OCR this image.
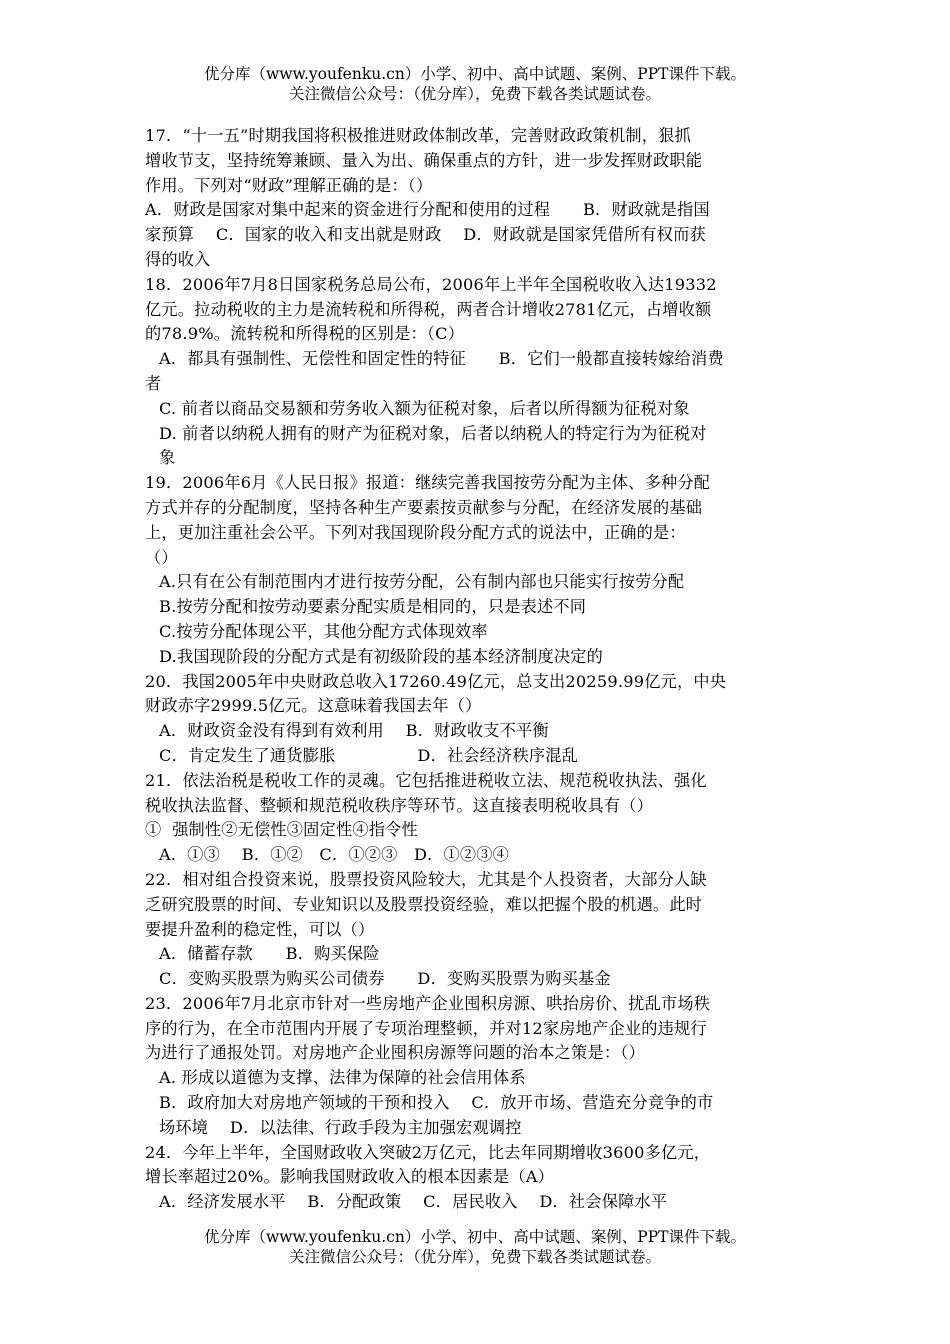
优分库（www.youfenku.cn）小学、初中、高中试题、案例、PPT课件下载。
关注微信公众号：（优分库），免费下载各类试题试卷。
17．“十一五”时期我国将积极推进财政体制改革，完善财政政策机制，狠抓
增收节支，坚持统筹兼顾、量入为出、确保重点的方针，进一步发挥财政职能
作用。下列对“财政”理解正确的是：（）
A．财政是国家对集中起来的资金进行分配和使用的过程　　B．财政就是指国
家预算　 C．国家的收入和支出就是财政　 D．财政就是国家凭借所有权而获
得的收入
18．2006年7月8日国家税务总局公布，2006年上半年全国税收收入达19332
亿元。拉动税收的主力是流转税和所得税，两者合计增收2781亿元，占增收额
的78.9%。流转税和所得税的区别是：（C）
A．都具有强制性、无偿性和固定性的特征　　B．它们一般都直接转嫁给消费
者
C. 前者以商品交易额和劳务收入额为征税对象，后者以所得额为征税对象
D. 前者以纳税人拥有的财产为征税对象，后者以纳税人的特定行为为征税对
象
19．2006年6月《人民日报》报道：继续完善我国按劳分配为主体、多种分配
方式并存的分配制度，坚持各种生产要素按贡献参与分配，在经济发展的基础
上，更加注重社会公平。下列对我国现阶段分配方式的说法中，正确的是：
（）
A.只有在公有制范围内才进行按劳分配，公有制内部也只能实行按劳分配
B.按劳分配和按劳动要素分配实质是相同的，只是表述不同
C.按劳分配体现公平，其他分配方式体现效率
D.我国现阶段的分配方式是有初级阶段的基本经济制度决定的
20．我国2005年中央财政总收入17260.49亿元，总支出20259.99亿元，中央
财政赤字2999.5亿元。这意味着我国去年（）
A．财政资金没有得到有效利用　 B．财政收支不平衡
C．肯定发生了通货膨胀　　　　　D．社会经济秩序混乱
21．依法治税是税收工作的灵魂。它包括推进税收立法、规范税收执法、强化
税收执法监督、整顿和规范税收秩序等环节。这直接表明税收具有（）
①  强制性②无偿性③固定性④指令性
A．①③　 B．①②　C．①②③　D．①②③④
22．相对组合投资来说，股票投资风险较大，尤其是个人投资者，大部分人缺
乏研究股票的时间、专业知识以及股票投资经验，难以把握个股的机遇。此时
要提升盈利的稳定性，可以（）
A．储蓄存款　　B．购买保险
C．变购买股票为购买公司债券　　D．变购买股票为购买基金
23．2006年7月北京市针对一些房地产企业囤积房源、哄抬房价、扰乱市场秩
序的行为，在全市范围内开展了专项治理整顿，并对12家房地产企业的违规行
为进行了通报处罚。对房地产企业囤积房源等问题的治本之策是：（）
A. 形成以道德为支撑、法律为保障的社会信用体系
B．政府加大对房地产领域的干预和投入　 C．放开市场、营造充分竞争的市
场环境　 D．以法律、行政手段为主加强宏观调控
24．今年上半年，全国财政收入突破2万亿元，比去年同期增收3600多亿元，
增长率超过20%。影响我国财政收入的根本因素是（A）
A．经济发展水平　 B．分配政策　 C．居民收入　 D．社会保障水平
优分库（www.youfenku.cn）小学、初中、高中试题、案例、PPT课件下载。
关注微信公众号：（优分库），免费下载各类试题试卷。
